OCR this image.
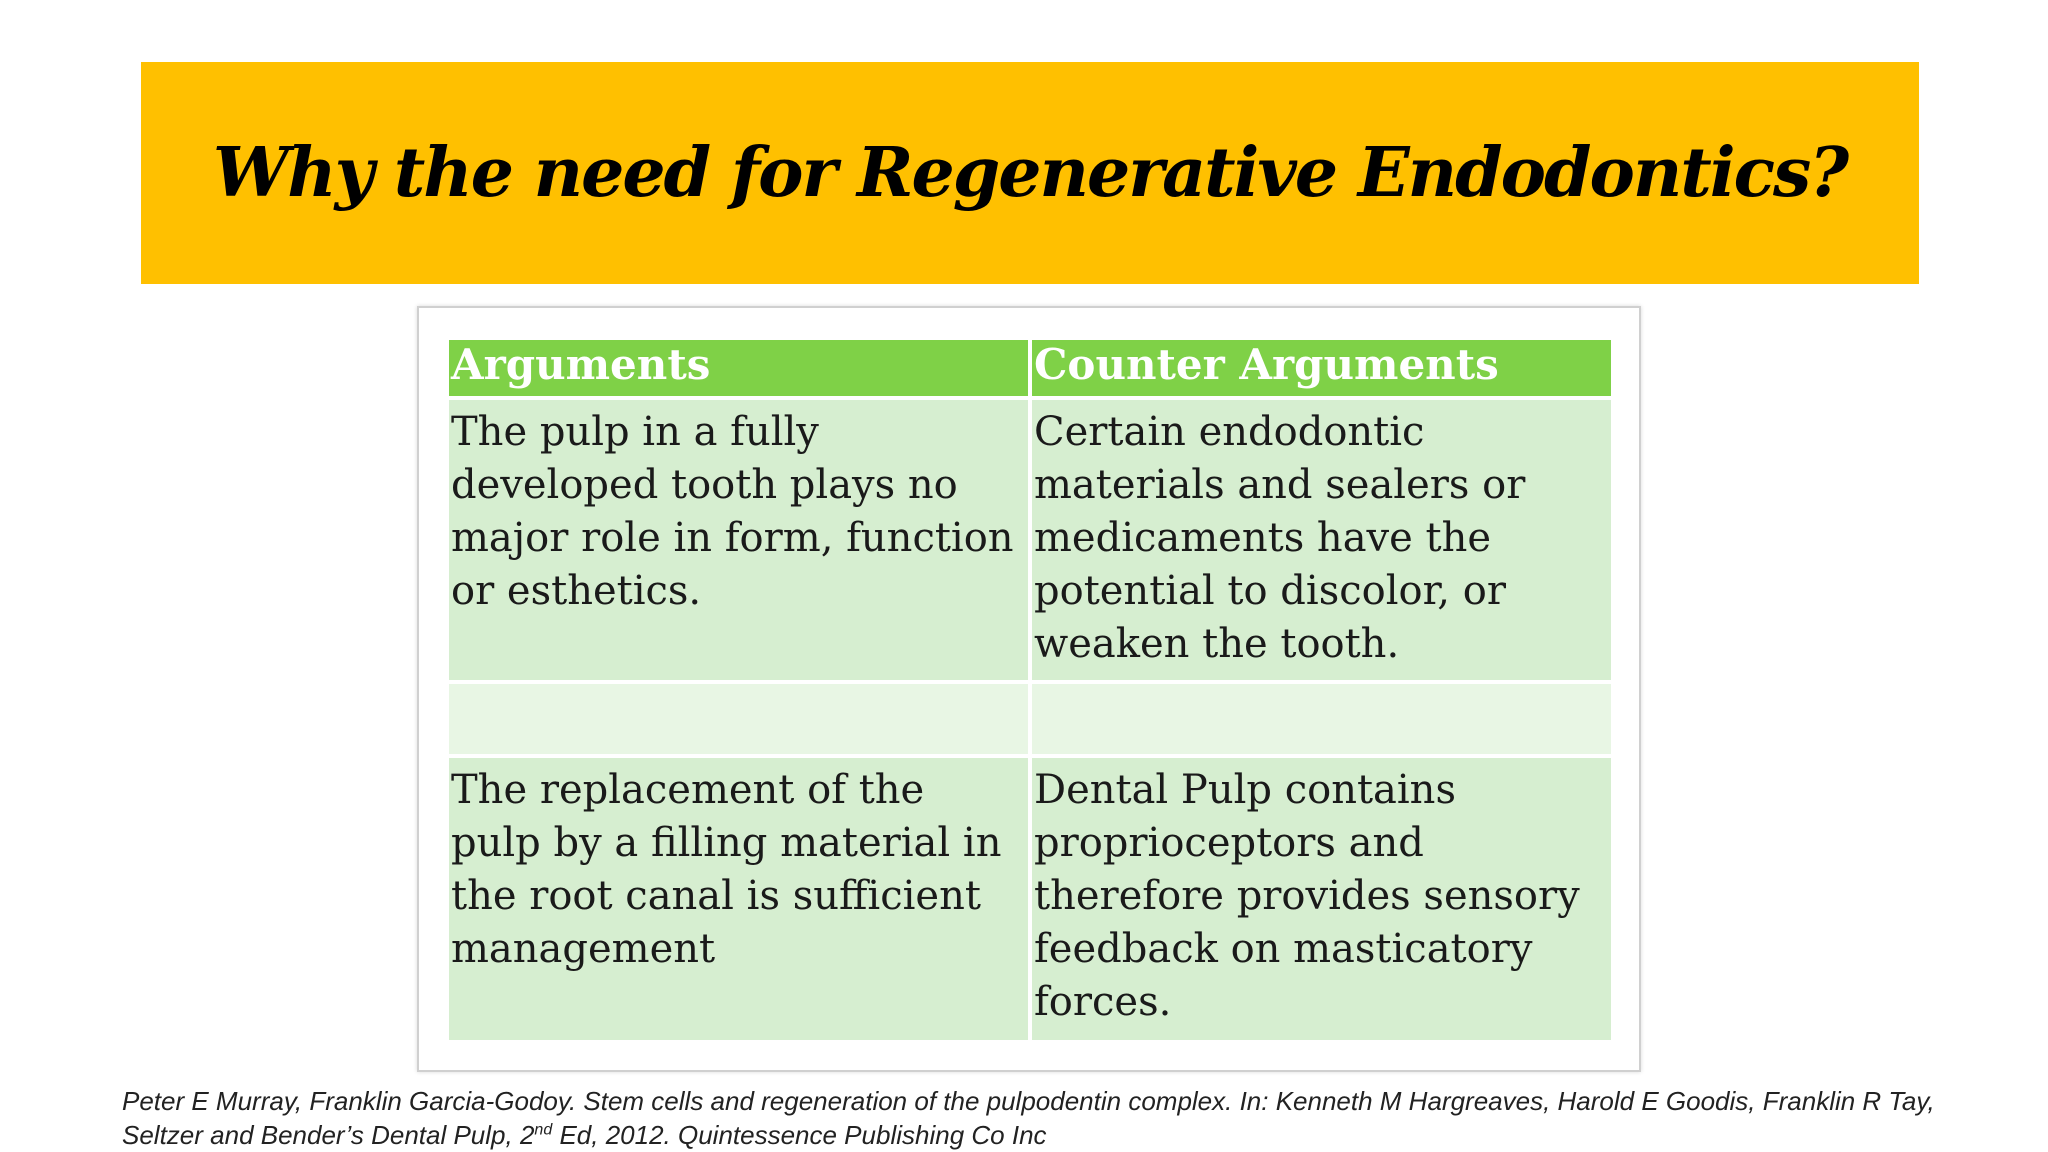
Why the need for Regenerative Endodontics?
Arguments	Counter Arguments
The pulp in a fully developed tooth plays no major role in form, function or esthetics.
Certain endodontic materials and sealers or medicaments have the potential to discolor, or weaken the tooth.
The replacement of the pulp by a filling material in the root canal is sufficient management
Dental Pulp contains proprioceptors and therefore provides sensory feedback on masticatory forces.
Peter E Murray, Franklin Garcia-Godoy. Stem cells and regeneration of the pulpodentin complex. In: Kenneth M Hargreaves, Harold E Goodis, Franklin R Tay,
Seltzer and Bender’s Dental Pulp, 2nd Ed, 2012. Quintessence Publishing Co Inc
